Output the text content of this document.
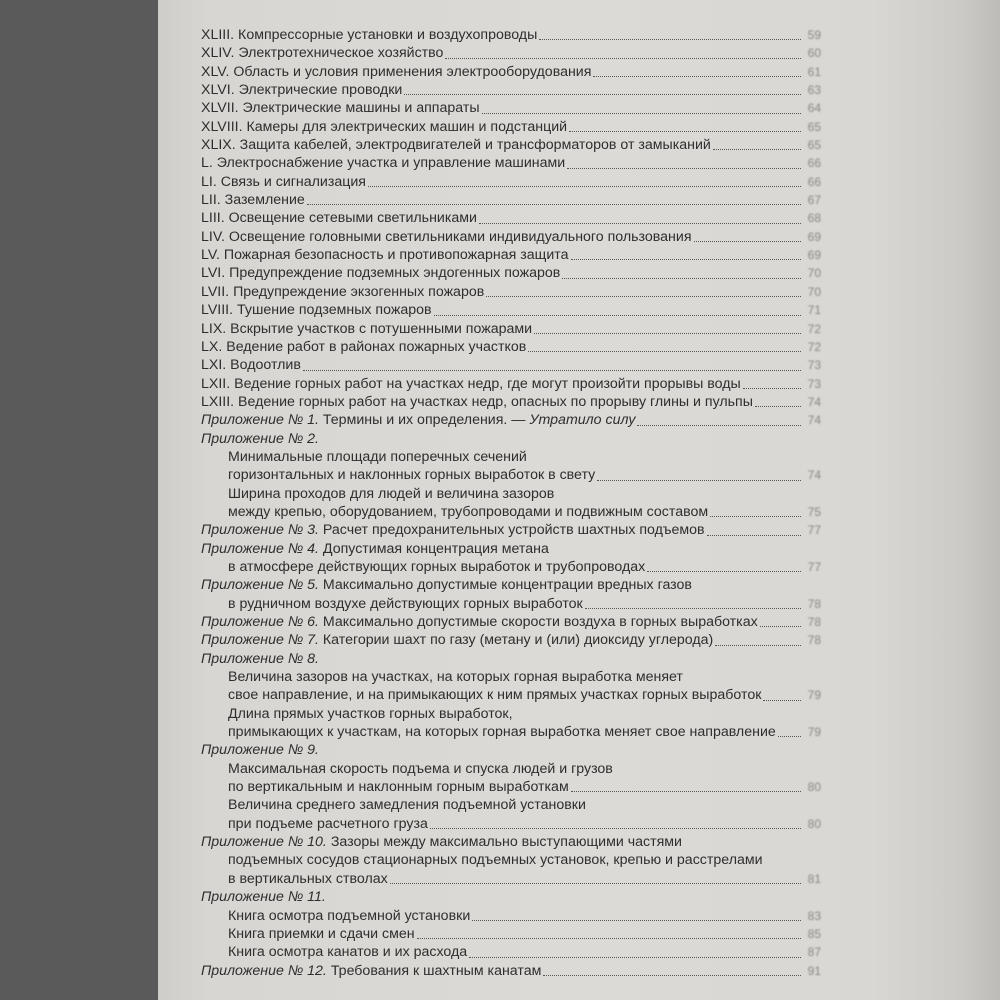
XLIII. Компрессорные установки и воздухопроводы	59
XLIV. Электротехническое хозяйство	60
XLV. Область и условия применения электрооборудования	61
XLVI. Электрические проводки	63
XLVII. Электрические машины и аппараты	64
XLVIII. Камеры для электрических машин и подстанций	65
XLIX. Защита кабелей, электродвигателей и трансформаторов от замыканий	65
L. Электроснабжение участка и управление машинами	66
LI. Связь и сигнализация	66
LII. Заземление	67
LIII. Освещение сетевыми светильниками	68
LIV. Освещение головными светильниками индивидуального пользования	69
LV. Пожарная безопасность и противопожарная защита	69
LVI. Предупреждение подземных эндогенных пожаров	70
LVII. Предупреждение экзогенных пожаров	70
LVIII. Тушение подземных пожаров	71
LIX. Вскрытие участков с потушенными пожарами	72
LX. Ведение работ в районах пожарных участков	72
LXI. Водоотлив	73
LXII. Ведение горных работ на участках недр, где могут произойти прорывы воды	73
LXIII. Ведение горных работ на участках недр, опасных по прорыву глины и пульпы	74
Приложение № 1. Термины и их определения. — Утратило силу	74
Приложение № 2.
Минимальные площади поперечных сечений
горизонтальных и наклонных горных выработок в свету	74
Ширина проходов для людей и величина зазоров
между крепью, оборудованием, трубопроводами и подвижным составом	75
Приложение № 3. Расчет предохранительных устройств шахтных подъемов	77
Приложение № 4. Допустимая концентрация метана
в атмосфере действующих горных выработок и трубопроводах	77
Приложение № 5. Максимально допустимые концентрации вредных газов
в рудничном воздухе действующих горных выработок	78
Приложение № 6. Максимально допустимые скорости воздуха в горных выработках	78
Приложение № 7. Категории шахт по газу (метану и (или) диоксиду углерода)	78
Приложение № 8.
Величина зазоров на участках, на которых горная выработка меняет
свое направление, и на примыкающих к ним прямых участках горных выработок	79
Длина прямых участков горных выработок,
примыкающих к участкам, на которых горная выработка меняет свое направление	79
Приложение № 9.
Максимальная скорость подъема и спуска людей и грузов
по вертикальным и наклонным горным выработкам	80
Величина среднего замедления подъемной установки
при подъеме расчетного груза	80
Приложение № 10. Зазоры между максимально выступающими частями
подъемных сосудов стационарных подъемных установок, крепью и расстрелами
в вертикальных стволах	81
Приложение № 11.
Книга осмотра подъемной установки	83
Книга приемки и сдачи смен	85
Книга осмотра канатов и их расхода	87
Приложение № 12. Требования к шахтным канатам	91
